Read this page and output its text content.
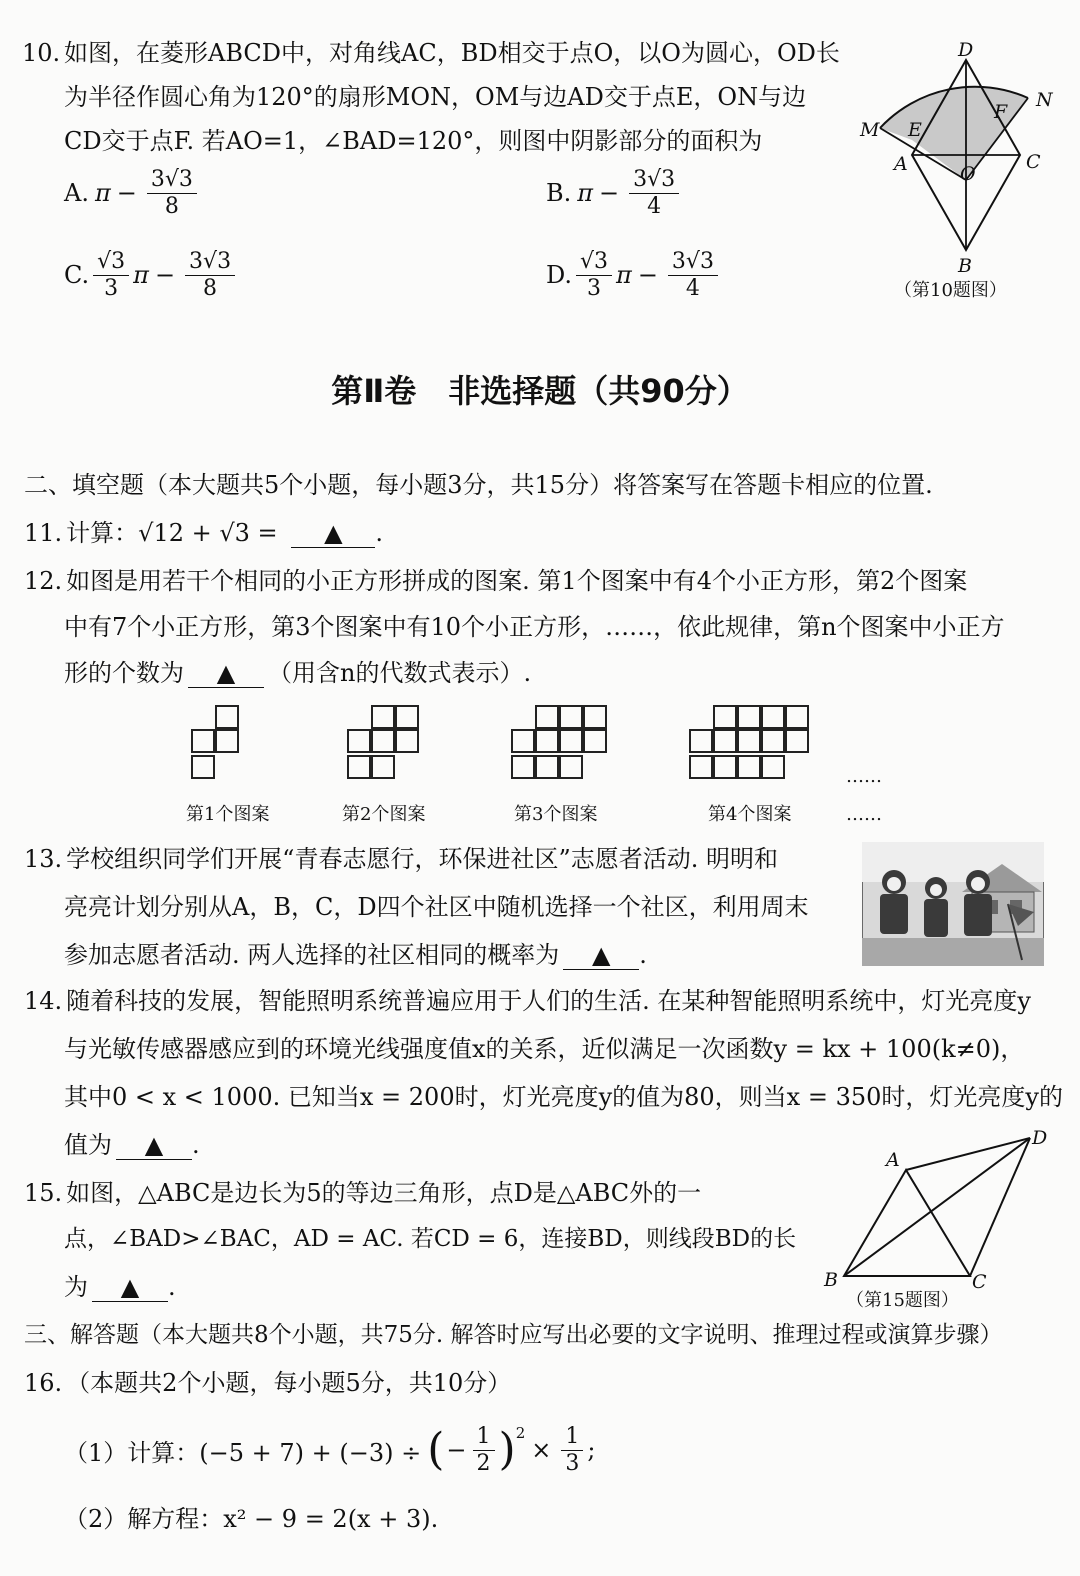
10. 如图，在菱形ABCD中，对角线AC，BD相交于点O，以O为圆心，OD长
为半径作圆心角为120°的扇形MON，OM与边AD交于点E，ON与边
CD交于点F. 若AO=1，∠BAD=120°，则图中阴影部分的面积为
A. $\pi - \frac{3√3}{8}$	B. $\pi - \frac{3√3}{4}$
C. $\frac{√3}{3}$ $\pi - \frac{3√3}{8}$	D. $\frac{√3}{3}$ $\pi - \frac{3√3}{4}$
D
N
M E
F
A	O
C
B
（第10题图）
第Ⅱ卷　非选择题（共90分）
二、填空题（本大题共5个小题，每小题3分，共15分）将答案写在答题卡相应的位置.
11. 计算：√12 + √3 = ▲ .
12. 如图是用若干个相同的小正方形拼成的图案. 第1个图案中有4个小正方形，第2个图案
中有7个小正方形，第3个图案中有10个小正方形，……，依此规律，第n个图案中小正方
形的个数为 ▲ （用含n的代数式表示）.
……
第1个图案	第2个图案	第3个图案	第4个图案	……
13. 学校组织同学们开展“青春志愿行，环保进社区”志愿者活动. 明明和
亮亮计划分别从A，B，C，D四个社区中随机选择一个社区，利用周末
参加志愿者活动. 两人选择的社区相同的概率为 ▲ .
14. 随着科技的发展，智能照明系统普遍应用于人们的生活. 在某种智能照明系统中，灯光亮度y
与光敏传感器感应到的环境光线强度值x的关系，近似满足一次函数y = kx + 100(k≠0)，
其中0 < x < 1000. 已知当x = 200时，灯光亮度y的值为80，则当x = 350时，灯光亮度y的
值为 ▲ .
15. 如图，△ABC是边长为5的等边三角形，点D是△ABC外的一
点，∠BAD>∠BAC，AD = AC. 若CD = 6，连接BD，则线段BD的长
为 ▲ .
A
D
B	C
（第15题图）
三、解答题（本大题共8个小题，共75分. 解答时应写出必要的文字说明、推理过程或演算步骤）
16. （本题共2个小题，每小题5分，共10分）
（1）计算：(−5 + 7) + (−3) ÷ ( − $\frac{1}{2} )^2$
× $\frac{1}{3}$ ;
（2）解方程：x² − 9 = 2(x + 3).
